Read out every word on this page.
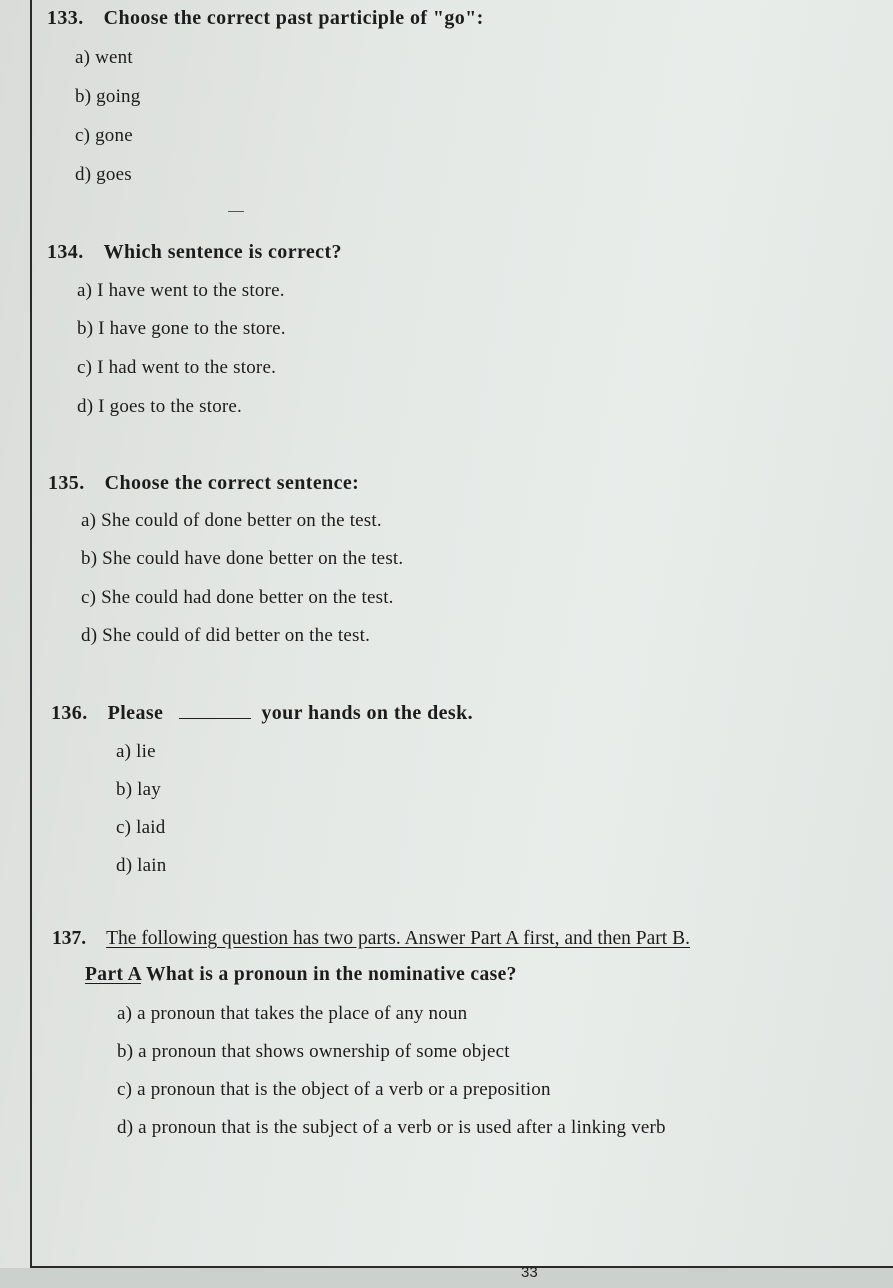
133. Choose the correct past participle of "go":
a) went
b) going
c) gone
d) goes
134. Which sentence is correct?
a) I have went to the store.
b) I have gone to the store.
c) I had went to the store.
d) I goes to the store.
135. Choose the correct sentence:
a) She could of done better on the test.
b) She could have done better on the test.
c) She could had done better on the test.
d) She could of did better on the test.
136. Please	your hands on the desk.
a) lie
b) lay
c) laid
d) lain
137. The following question has two parts. Answer Part A first, and then Part B.
Part A What is a pronoun in the nominative case?
a) a pronoun that takes the place of any noun
b) a pronoun that shows ownership of some object
c) a pronoun that is the object of a verb or a preposition
d) a pronoun that is the subject of a verb or is used after a linking verb
33
